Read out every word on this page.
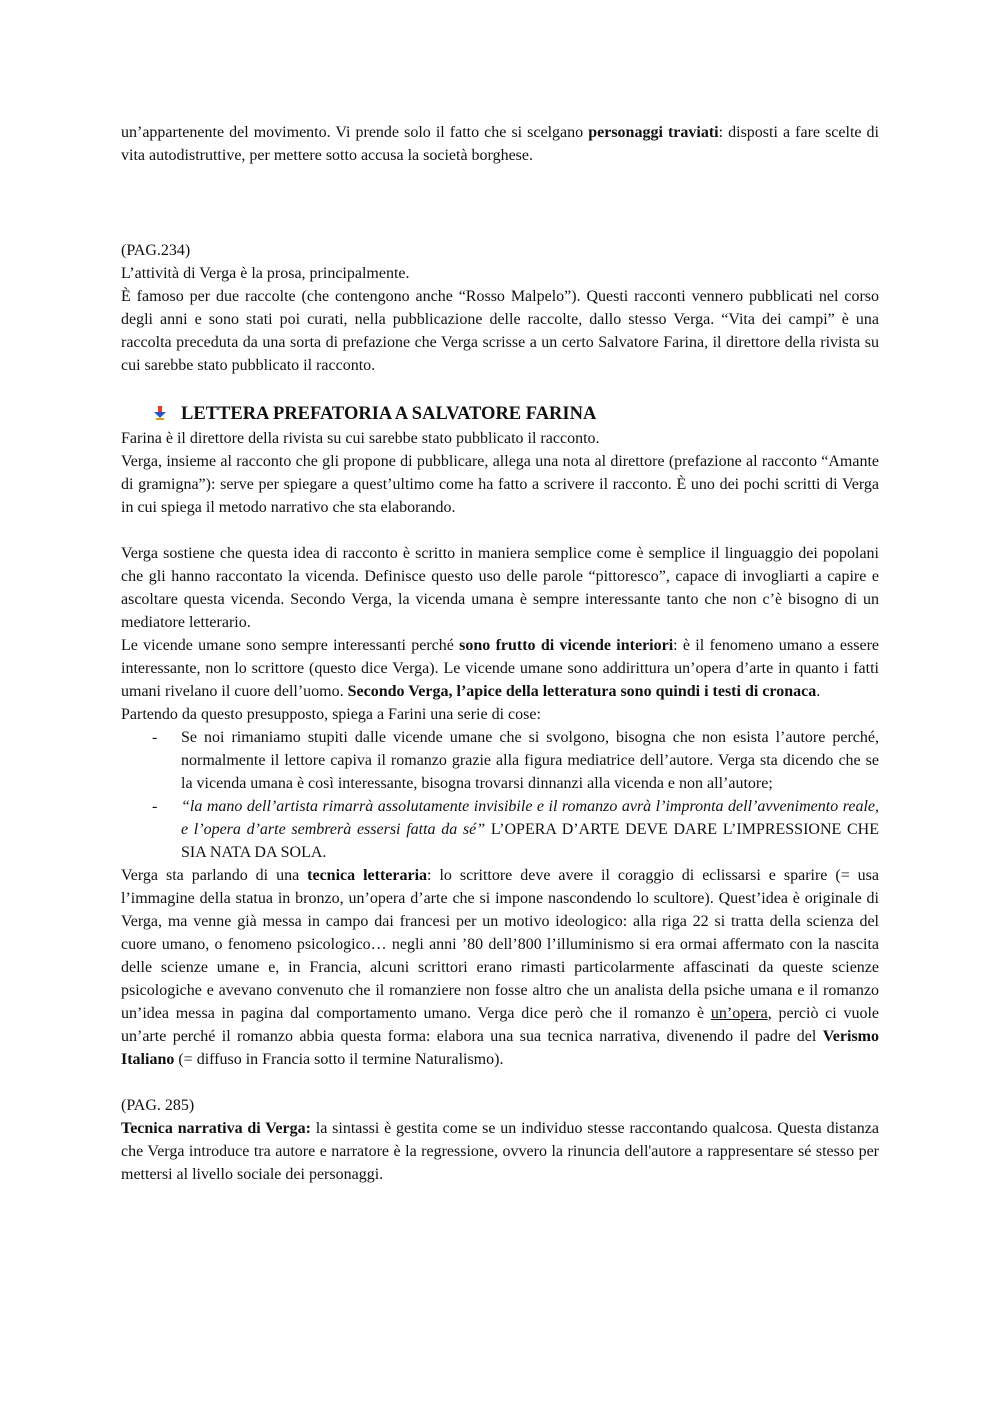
un’appartenente del movimento. Vi prende solo il fatto che si scelgano personaggi traviati: disposti a fare scelte di vita autodistruttive, per mettere sotto accusa la società borghese.

(PAG.234)

L’attività di Verga è la prosa, principalmente.

È famoso per due raccolte (che contengono anche “Rosso Malpelo”). Questi racconti vennero pubblicati nel corso degli anni e sono stati poi curati, nella pubblicazione delle raccolte, dallo stesso Verga. “Vita dei campi” è una raccolta preceduta da una sorta di prefazione che Verga scrisse a un certo Salvatore Farina, il direttore della rivista su cui sarebbe stato pubblicato il racconto.

LETTERA PREFATORIA A SALVATORE FARINA

Farina è il direttore della rivista su cui sarebbe stato pubblicato il racconto.

Verga, insieme al racconto che gli propone di pubblicare, allega una nota al direttore (prefazione al racconto “Amante di gramigna”): serve per spiegare a quest’ultimo come ha fatto a scrivere il racconto. È uno dei pochi scritti di Verga in cui spiega il metodo narrativo che sta elaborando.

Verga sostiene che questa idea di racconto è scritto in maniera semplice come è semplice il linguaggio dei popolani che gli hanno raccontato la vicenda. Definisce questo uso delle parole “pittoresco”, capace di invogliarti a capire e ascoltare questa vicenda. Secondo Verga, la vicenda umana è sempre interessante tanto che non c’è bisogno di un mediatore letterario.

Le vicende umane sono sempre interessanti perché sono frutto di vicende interiori: è il fenomeno umano a essere interessante, non lo scrittore (questo dice Verga). Le vicende umane sono addirittura un’opera d’arte in quanto i fatti umani rivelano il cuore dell’uomo. Secondo Verga, l’apice della letteratura sono quindi i testi di cronaca.

Partendo da questo presupposto, spiega a Farini una serie di cose:

- Se noi rimaniamo stupiti dalle vicende umane che si svolgono, bisogna che non esista l’autore perché, normalmente il lettore capiva il romanzo grazie alla figura mediatrice dell’autore. Verga sta dicendo che se la vicenda umana è così interessante, bisogna trovarsi dinnanzi alla vicenda e non all’autore;
- “la mano dell’artista rimarrà assolutamente invisibile e il romanzo avrà l’impronta dell’avvenimento reale, e l’opera d’arte sembrerà essersi fatta da sé” L’OPERA D’ARTE DEVE DARE L’IMPRESSIONE CHE SIA NATA DA SOLA.

Verga sta parlando di una tecnica letteraria: lo scrittore deve avere il coraggio di eclissarsi e sparire (= usa l’immagine della statua in bronzo, un’opera d’arte che si impone nascondendo lo scultore). Quest’idea è originale di Verga, ma venne già messa in campo dai francesi per un motivo ideologico: alla riga 22 si tratta della scienza del cuore umano, o fenomeno psicologico… negli anni ’80 dell’800 l’illuminismo si era ormai affermato con la nascita delle scienze umane e, in Francia, alcuni scrittori erano rimasti particolarmente affascinati da queste scienze psicologiche e avevano convenuto che il romanziere non fosse altro che un analista della psiche umana e il romanzo un’idea messa in pagina dal comportamento umano. Verga dice però che il romanzo è un’opera, perciò ci vuole un’arte perché il romanzo abbia questa forma: elabora una sua tecnica narrativa, divenendo il padre del Verismo Italiano (= diffuso in Francia sotto il termine Naturalismo).

(PAG. 285)

Tecnica narrativa di Verga: la sintassi è gestita come se un individuo stesse raccontando qualcosa. Questa distanza che Verga introduce tra autore e narratore è la regressione, ovvero la rinuncia dell'autore a rappresentare sé stesso per mettersi al livello sociale dei personaggi.
